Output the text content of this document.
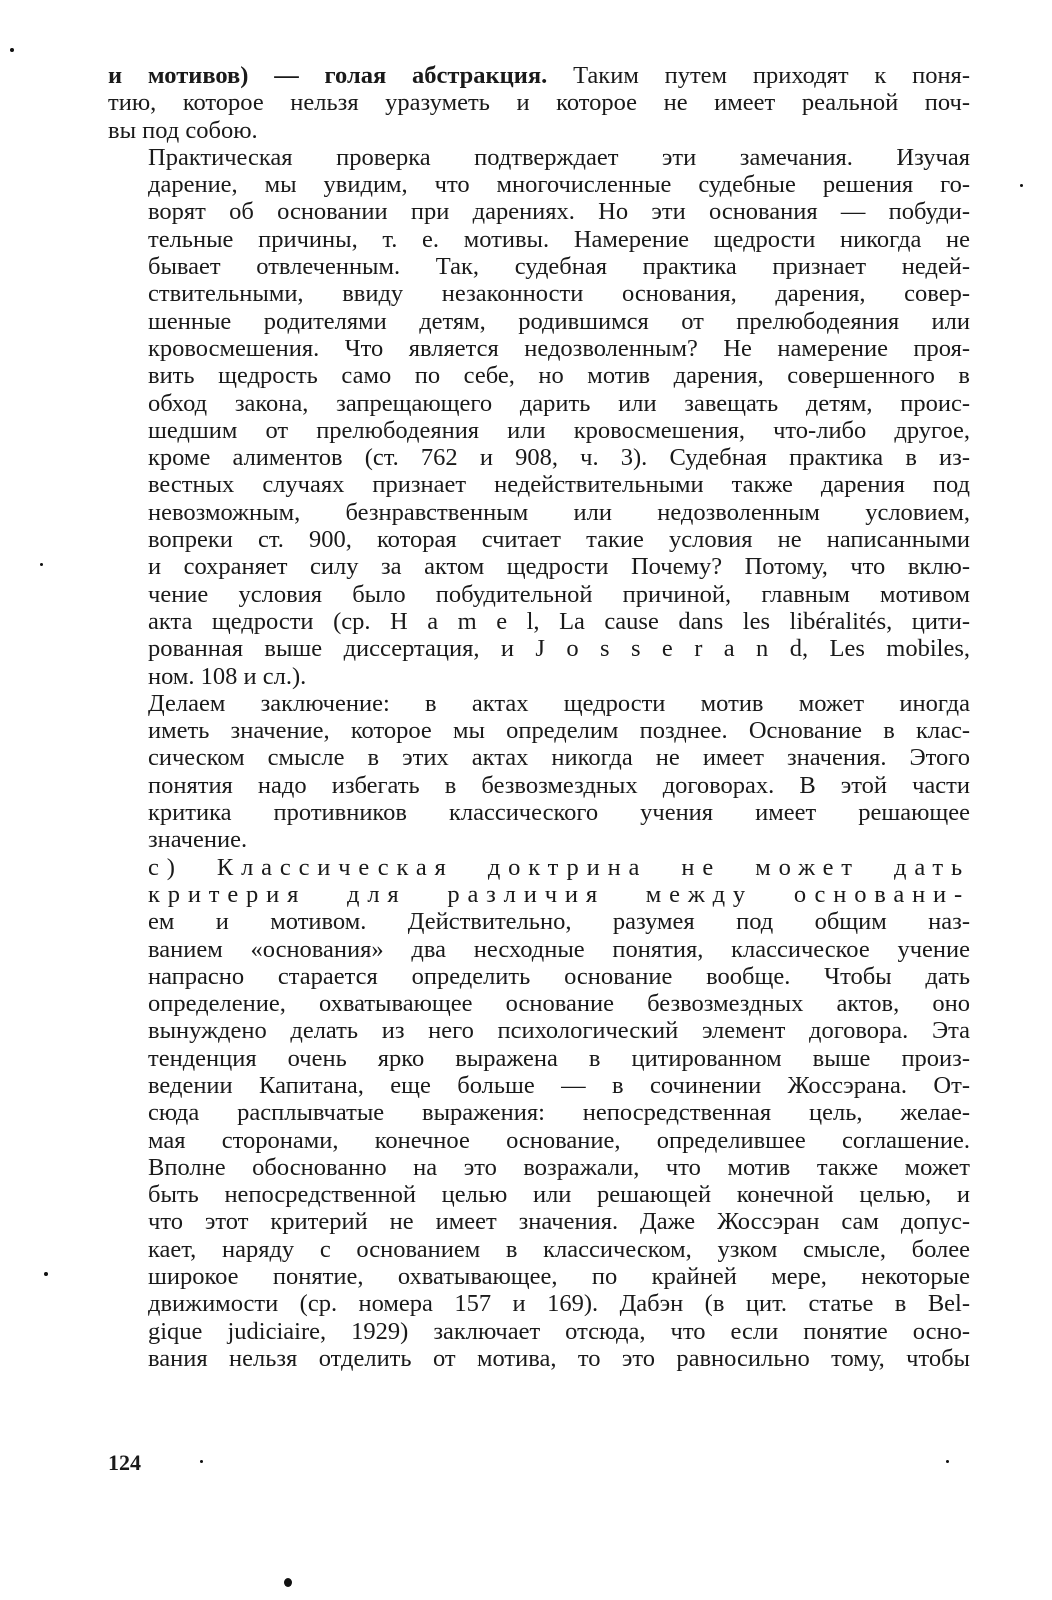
и мотивов) — голая абстракция. Таким путем приходят к поня-
тию, которое нельзя уразуметь и которое не имеет реальной поч-
вы под собою.

Практическая проверка подтверждает эти замечания. Изучая
дарение, мы увидим, что многочисленные судебные решения го-
ворят об основании при дарениях. Но эти основания — побуди-
тельные причины, т. е. мотивы. Намерение щедрости никогда не
бывает отвлеченным. Так, судебная практика признает недей-
ствительными, ввиду незаконности основания, дарения, совер-
шенные родителями детям, родившимся от прелюбодеяния или
кровосмешения. Что является недозволенным? Не намерение проя-
вить щедрость само по себе, но мотив дарения, совершенного в
обход закона, запрещающего дарить или завещать детям, проис-
шедшим от прелюбодеяния или кровосмешения, что-либо другое,
кроме алиментов (ст. 762 и 908, ч. 3). Судебная практика в из-
вестных случаях признает недействительными также дарения под
невозможным, безнравственным или недозволенным условием,
вопреки ст. 900, которая считает такие условия не написанными
и сохраняет силу за актом щедрости Почему? Потому, что вклю-
чение условия было побудительной причиной, главным мотивом
акта щедрости (ср. H a m e l, La cause dans les libéralités, цити-
рованная выше диссертация, и J o s s e r a n d, Les mobiles,
ном. 108 и сл.).

Делаем заключение: в актах щедрости мотив может иногда
иметь значение, которое мы определим позднее. Основание в клас-
сическом смысле в этих актах никогда не имеет значения. Этого
понятия надо избегать в безвозмездных договорах. В этой части
критика противников классического учения имеет решающее
значение.

c) Классическая доктрина не может дать
критерия для различия между основани-
ем и мотивом. Действительно, разумея под общим наз-
ванием «основания» два несходные понятия, классическое учение
напрасно старается определить основание вообще. Чтобы дать
определение, охватывающее основание безвозмездных актов, оно
вынуждено делать из него психологический элемент договора. Эта
тенденция очень ярко выражена в цитированном выше произ-
ведении Капитана, еще больше — в сочинении Жоссэрана. От-
сюда расплывчатые выражения: непосредственная цель, желае-
мая сторонами, конечное основание, определившее соглашение.
Вполне обоснованно на это возражали, что мотив также может
быть непосредственной целью или решающей конечной целью, и
что этот критерий не имеет значения. Даже Жоссэран сам допус-
кает, наряду с основанием в классическом, узком смысле, более
широкое понятие, охватывающее, по крайней мере, некоторые
движимости (ср. номера 157 и 169). Дабэн (в цит. статье в Bel-
gique judiciaire, 1929) заключает отсюда, что если понятие осно-
вания нельзя отделить от мотива, то это равносильно тому, чтобы

124
